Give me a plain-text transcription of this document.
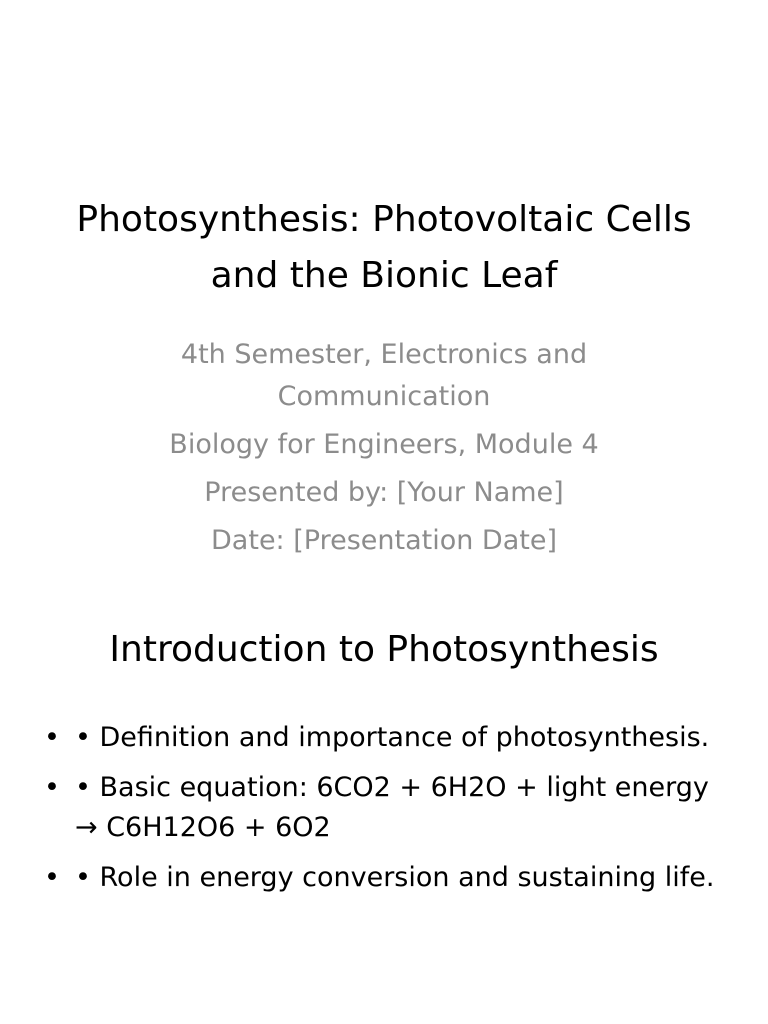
Photosynthesis: Photovoltaic Cells and the Bionic Leaf
4th Semester, Electronics and Communication
Biology for Engineers, Module 4
Presented by: [Your Name]
Date: [Presentation Date]
Introduction to Photosynthesis
• • Definition and importance of photosynthesis.
• • Basic equation: 6CO2 + 6H2O + light energy → C6H12O6 + 6O2
• • Role in energy conversion and sustaining life.
